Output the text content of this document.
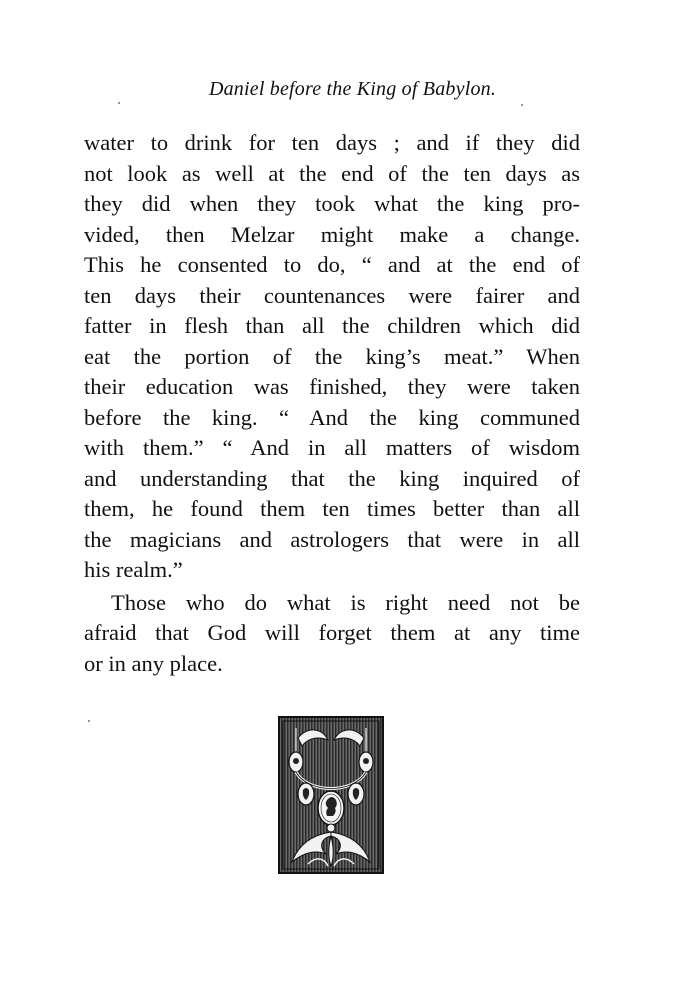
Daniel before the King of Babylon.
water to drink for ten days ; and if they did
not look as well at the end of the ten days as
they did when they took what the king pro-
vided, then Melzar might make a change.
This he consented to do, “ and at the end of
ten days their countenances were fairer and
fatter in flesh than all the children which did
eat the portion of the king’s meat.” When
their education was finished, they were taken
before the king. “ And the king communed
with them.” “ And in all matters of wisdom
and understanding that the king inquired of
them, he found them ten times better than all
the magicians and astrologers that were in all
his realm.”
Those who do what is right need not be
afraid that God will forget them at any time
or in any place.
